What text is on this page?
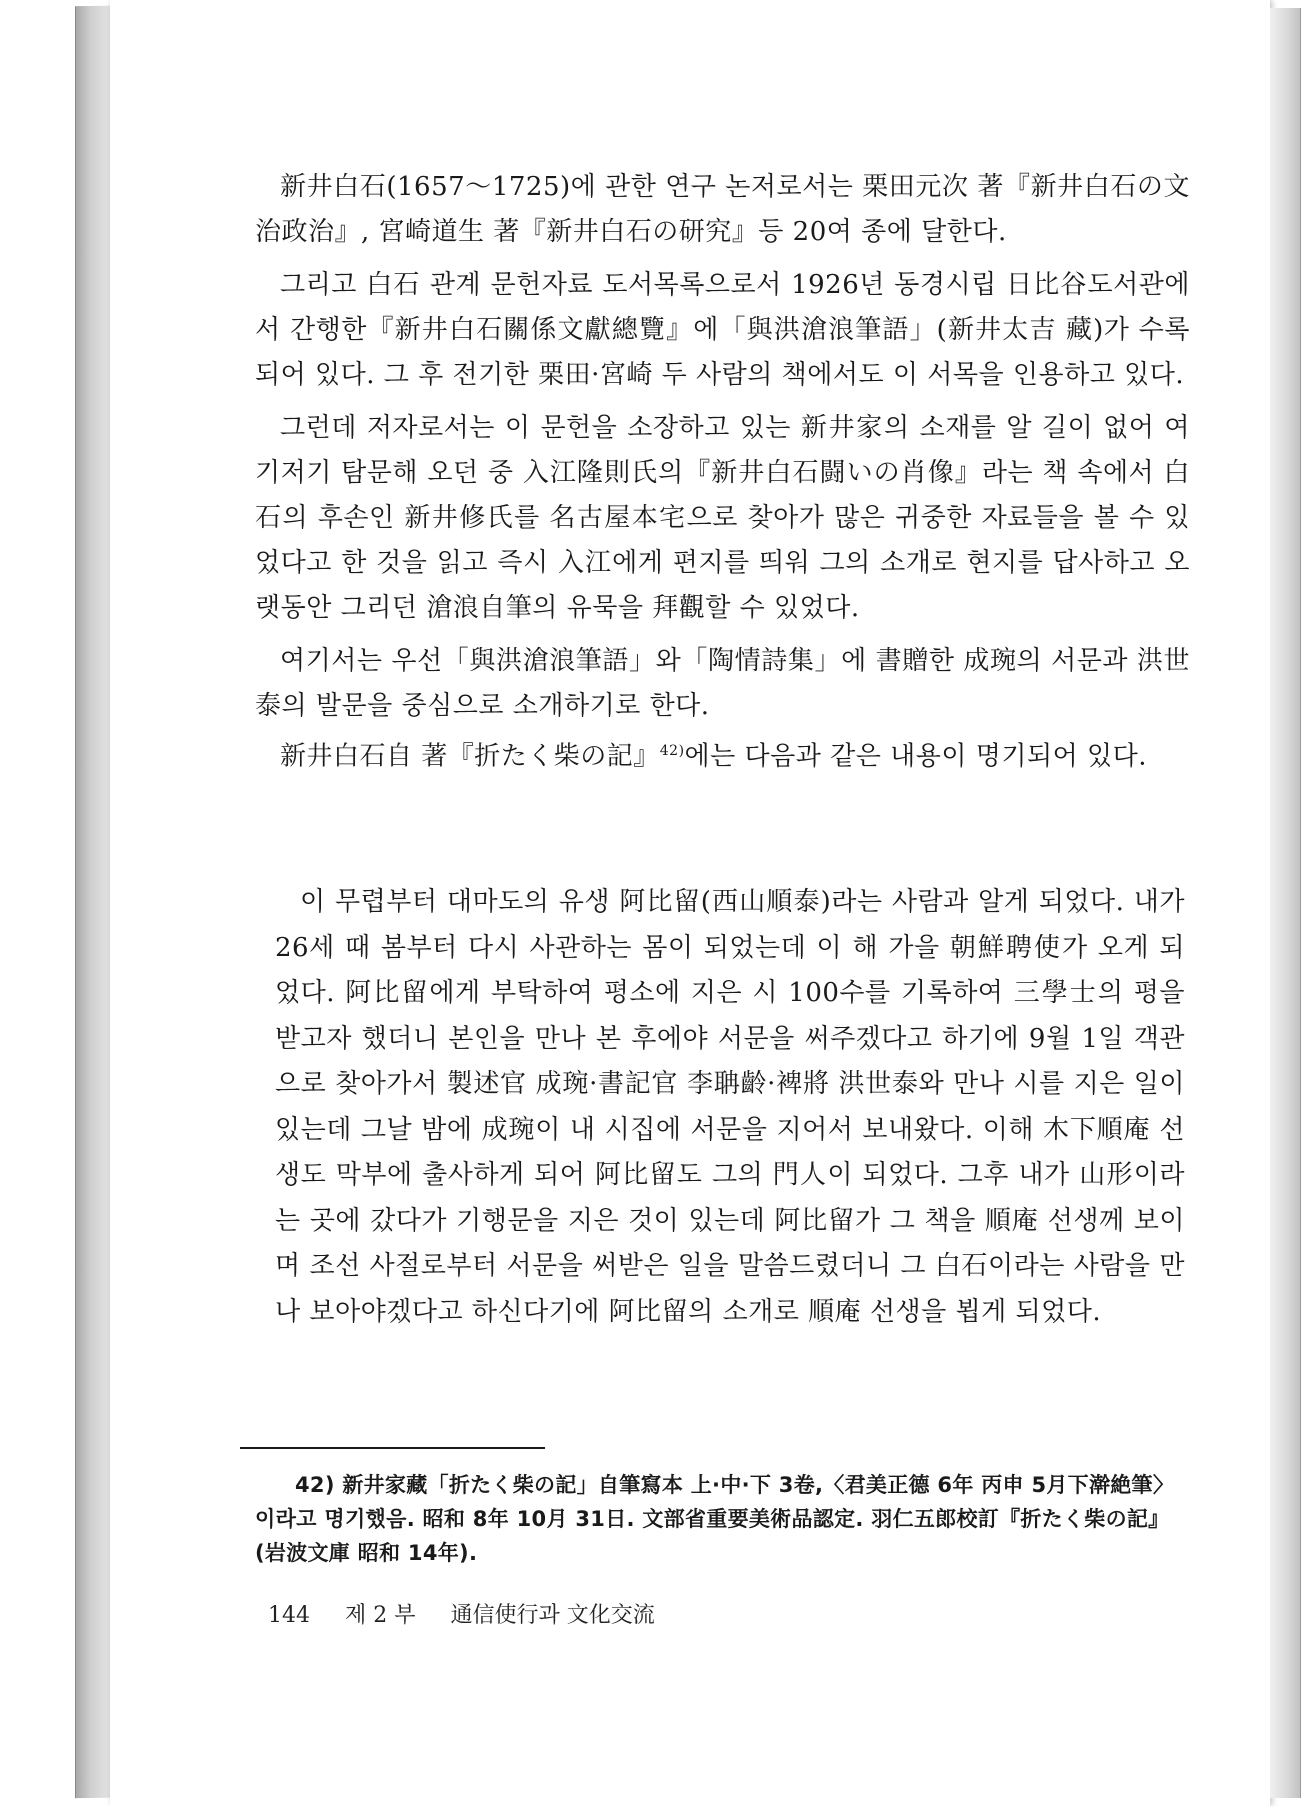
新井白石(1657～1725)에 관한 연구 논저로서는 栗田元次 著『新井白石の文治政治』, 宮崎道生 著『新井白石の研究』등 20여 종에 달한다.

그리고 白石 관계 문헌자료 도서목록으로서 1926년 동경시립 日比谷도서관에서 간행한『新井白石關係文獻總覽』에「與洪滄浪筆語」(新井太吉 藏)가 수록되어 있다. 그 후 전기한 栗田·宮崎 두 사람의 책에서도 이 서목을 인용하고 있다.

그런데 저자로서는 이 문헌을 소장하고 있는 新井家의 소재를 알 길이 없어 여기저기 탐문해 오던 중 入江隆則氏의『新井白石闘いの肖像』라는 책 속에서 白石의 후손인 新井修氏를 名古屋本宅으로 찾아가 많은 귀중한 자료들을 볼 수 있었다고 한 것을 읽고 즉시 入江에게 편지를 띄워 그의 소개로 현지를 답사하고 오랫동안 그리던 滄浪自筆의 유묵을 拜觀할 수 있었다.

여기서는 우선「與洪滄浪筆語」와「陶情詩集」에 書贈한 成琬의 서문과 洪世泰의 발문을 중심으로 소개하기로 한다.

新井白石自 著『折たく柴の記』$^{42)}$에는 다음과 같은 내용이 명기되어 있다.

이 무렵부터 대마도의 유생 阿比留(西山順泰)라는 사람과 알게 되었다. 내가 26세 때 봄부터 다시 사관하는 몸이 되었는데 이 해 가을 朝鮮聘使가 오게 되었다. 阿比留에게 부탁하여 평소에 지은 시 100수를 기록하여 三學士의 평을 받고자 했더니 본인을 만나 본 후에야 서문을 써주겠다고 하기에 9월 1일 객관으로 찾아가서 製述官 成琬·書記官 李聃齡·裨將 洪世泰와 만나 시를 지은 일이 있는데 그날 밤에 成琬이 내 시집에 서문을 지어서 보내왔다. 이해 木下順庵 선생도 막부에 출사하게 되어 阿比留도 그의 門人이 되었다. 그후 내가 山形이라는 곳에 갔다가 기행문을 지은 것이 있는데 阿比留가 그 책을 順庵 선생께 보이며 조선 사절로부터 서문을 써받은 일을 말씀드렸더니 그 白石이라는 사람을 만나 보아야겠다고 하신다기에 阿比留의 소개로 順庵 선생을 뵙게 되었다.

42) 新井家藏「折たく柴の記」自筆寫本 上·中·下 3卷,〈君美正德 6年 丙申 5月下澣絶筆〉이라고 명기했음. 昭和 8年 10月 31日. 文部省重要美術品認定. 羽仁五郎校訂『折たく柴の記』(岩波文庫 昭和 14年).

144 제 2 부 通信使行과 文化交流
